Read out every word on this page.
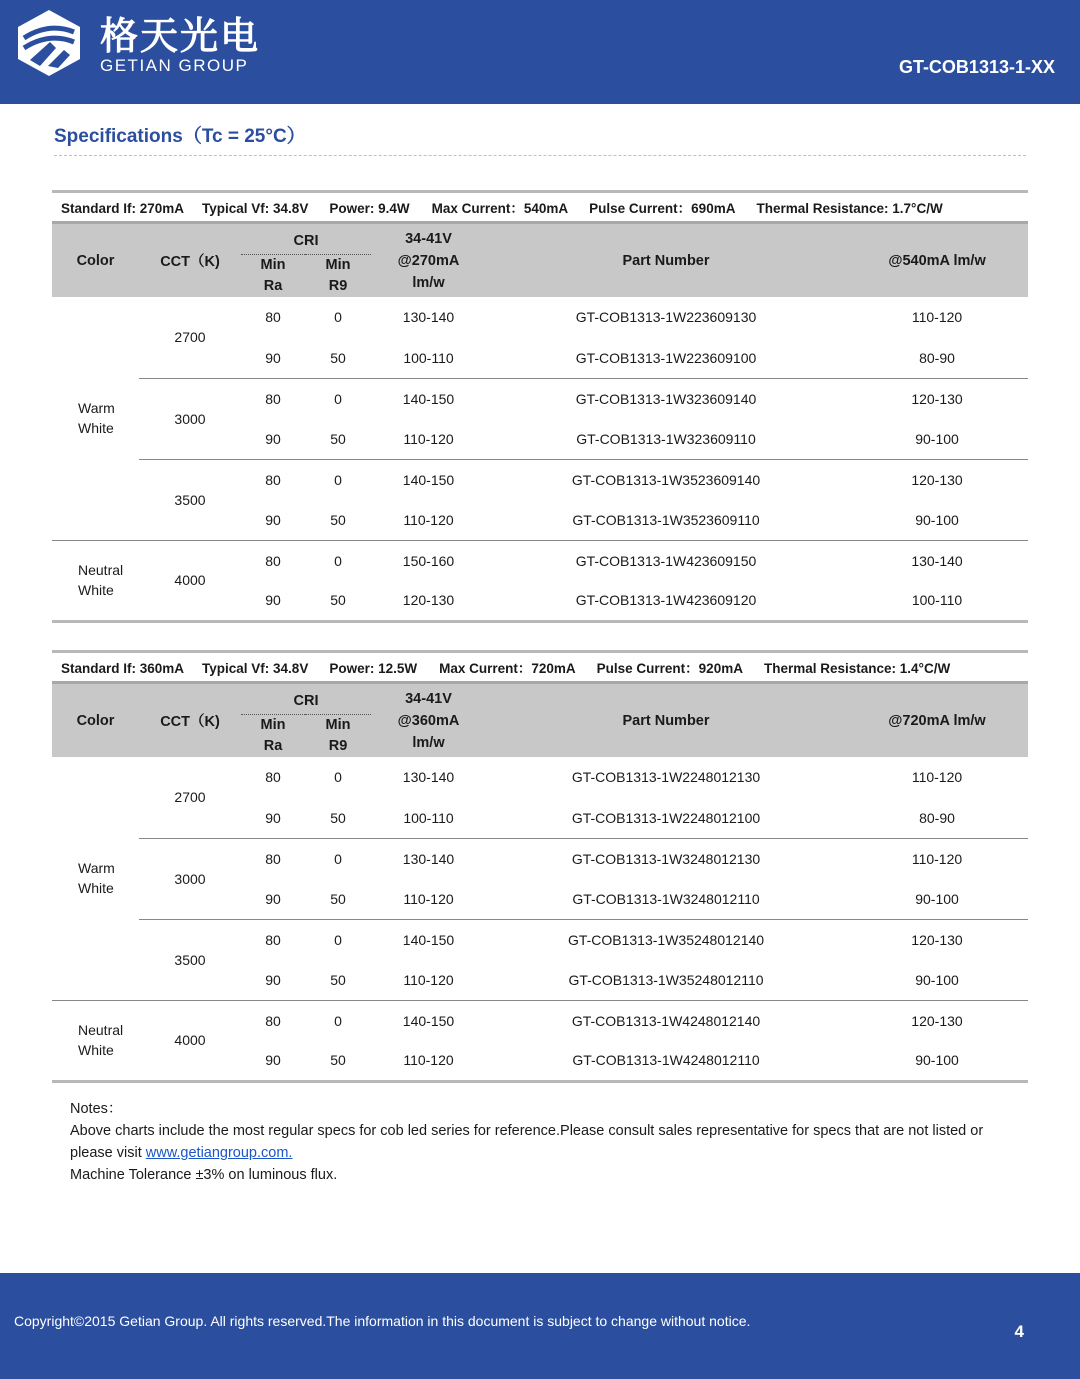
格天光电
GETIAN GROUP	GT-COB1313-1-XX
Specifications（Tc = 25°C）
Standard If: 270mA Typical Vf: 34.8V Power: 9.4W Max Current：540mA Pulse Current：690mA Thermal Resistance: 1.7°C/W						
Color	CCT（K)	CRI		34-41V @270mA lm/w	Part Number	@540mA lm/w
		Min Ra	Min R9			
Warm White	2700	80	0	130-140	GT-COB1313-1W223609130	110-120
		90	50	100-110	GT-COB1313-1W223609100	80-90
	3000	80	0	140-150	GT-COB1313-1W323609140	120-130
		90	50	110-120	GT-COB1313-1W323609110	90-100
	3500	80	0	140-150	GT-COB1313-1W3523609140	120-130
		90	50	110-120	GT-COB1313-1W3523609110	90-100
Neutral White	4000	80	0	150-160	GT-COB1313-1W423609150	130-140
		90	50	120-130	GT-COB1313-1W423609120	100-110
Standard If: 360mA Typical Vf: 34.8V Power: 12.5W Max Current：720mA Pulse Current：920mA Thermal Resistance: 1.4°C/W						
Color	CCT（K)	CRI		34-41V @360mA lm/w	Part Number	@720mA lm/w
		Min Ra	Min R9			
Warm White	2700	80	0	130-140	GT-COB1313-1W2248012130	110-120
		90	50	100-110	GT-COB1313-1W2248012100	80-90
	3000	80	0	130-140	GT-COB1313-1W3248012130	110-120
		90	50	110-120	GT-COB1313-1W3248012110	90-100
	3500	80	0	140-150	GT-COB1313-1W35248012140	120-130
		90	50	110-120	GT-COB1313-1W35248012110	90-100
Neutral White	4000	80	0	140-150	GT-COB1313-1W4248012140	120-130
		90	50	110-120	GT-COB1313-1W4248012110	90-100
Notes：
Above charts include the most regular specs for cob led series for reference.Please consult sales representative for specs that are not listed or please visit www.getiangroup.com.
Machine Tolerance ±3% on luminous flux.
Copyright©2015 Getian Group. All rights reserved.The information in this document is subject to change without notice.
4
